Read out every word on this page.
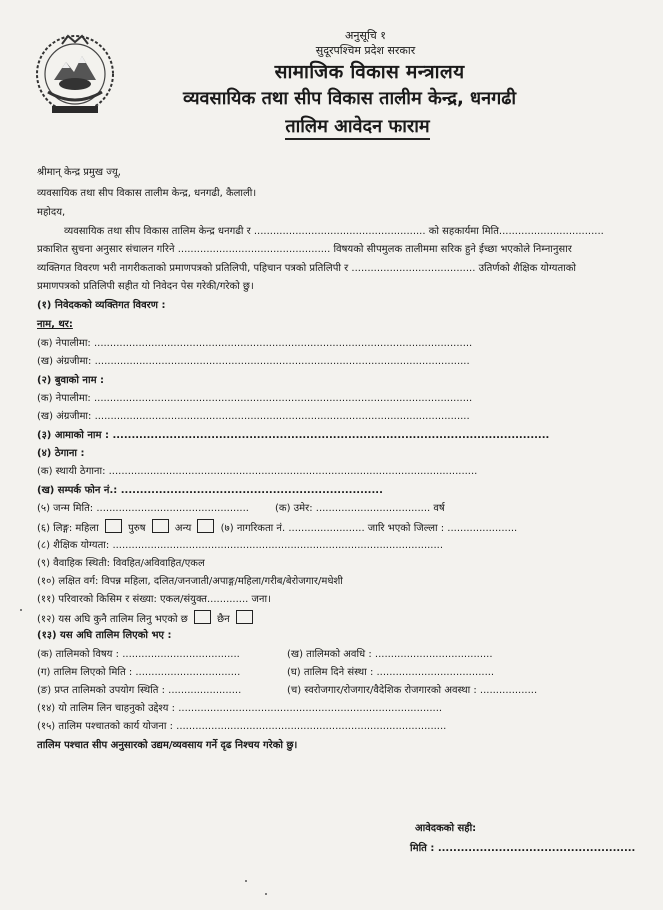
अनुसूचि १
सुदूरपश्चिम प्रदेश सरकार
सामाजिक विकास मन्त्रालय
व्यवसायिक तथा सीप विकास तालीम केन्द्र, धनगढी
तालिम आवेदन फाराम
श्रीमान् केन्द्र प्रमुख ज्यू,
व्यवसायिक तथा सीप विकास तालीम केन्द्र, धनगढी, कैलाली।
महोदय,
व्यवसायिक तथा सीप विकास तालिम केन्द्र धनगढी र ...................................................... को सहकार्यमा मिति.................................
प्रकाशित सुचना अनुसार संचालन गरिने ................................................ विषयको सीपमुलक तालीममा सरिक हुने ईच्छा भएकोले निम्नानुसार
व्यक्तिगत विवरण भरी नागरीकताको प्रमाणपत्रको प्रतिलिपी, पहिचान पत्रको प्रतिलिपी र ....................................... उतिर्णको शैक्षिक योग्यताको
प्रमाणपत्रको प्रतिलिपी सहीत यो निवेदन पेस गरेकी/गरेको छु।
(१) निवेदकको व्यक्तिगत विवरण :
नाम, थर:
(क) नेपालीमा: .......................................................................................................................
(ख) अंग्रजीमा: ......................................................................................................................
(२) बुवाको नाम :
(क) नेपालीमा: .......................................................................................................................
(ख) अंग्रजीमा: ......................................................................................................................
(३) आमाको नाम : ...................................................................................................................
(४) ठेगाना :
(क) स्थायी ठेगाना: ....................................................................................................................
(ख) सम्पर्क फोन नं.: .....................................................................
(५) जन्म मिति: ................................................	(क) उमेर: .................................... वर्ष
(६) लिङ्ग: महिला	पुरुष	अन्य	(७) नागरिकता नं. ........................ जारि भएको जिल्ला : ......................
(८) शैक्षिक योग्यता: ........................................................................................................
(९) वैवाहिक स्थिती: विवहित/अविवाहित/एकल
(१०) लक्षित वर्ग: विपन्न महिला, दलित/जनजाती/अपाङ्ग/महिला/गरीब/बेरोजगार/मधेशी
(११) परिवारको किसिम र संख्या: एकल/संयुक्त............. जना।
(१२) यस अघि कुनै तालिम लिनु भएको छ	छैन
(१३) यस अघि तालिम लिएको भए :
(क) तालिमको विषय : .....................................	(ख) तालिमको अवधि : .....................................
(ग) तालिम लिएको मिति : .................................	(घ) तालिम दिने संस्था : .....................................
(ङ) प्रप्त तालिमको उपयोग स्थिति : .......................	(च) स्वरोजगार/रोजगार/वैदेशिक रोजगारको अवस्था : ..................
(१४) यो तालिम लिन चाहनुको उद्देश्य : ...................................................................................
(१५) तालिम पश्चातको कार्य योजना : .....................................................................................
तालिम पश्चात सीप अनुसारको उद्यम/व्यवसाय गर्ने दृढ निश्चय गरेको छु।
आवेदकको सही:
मिति : ....................................................
